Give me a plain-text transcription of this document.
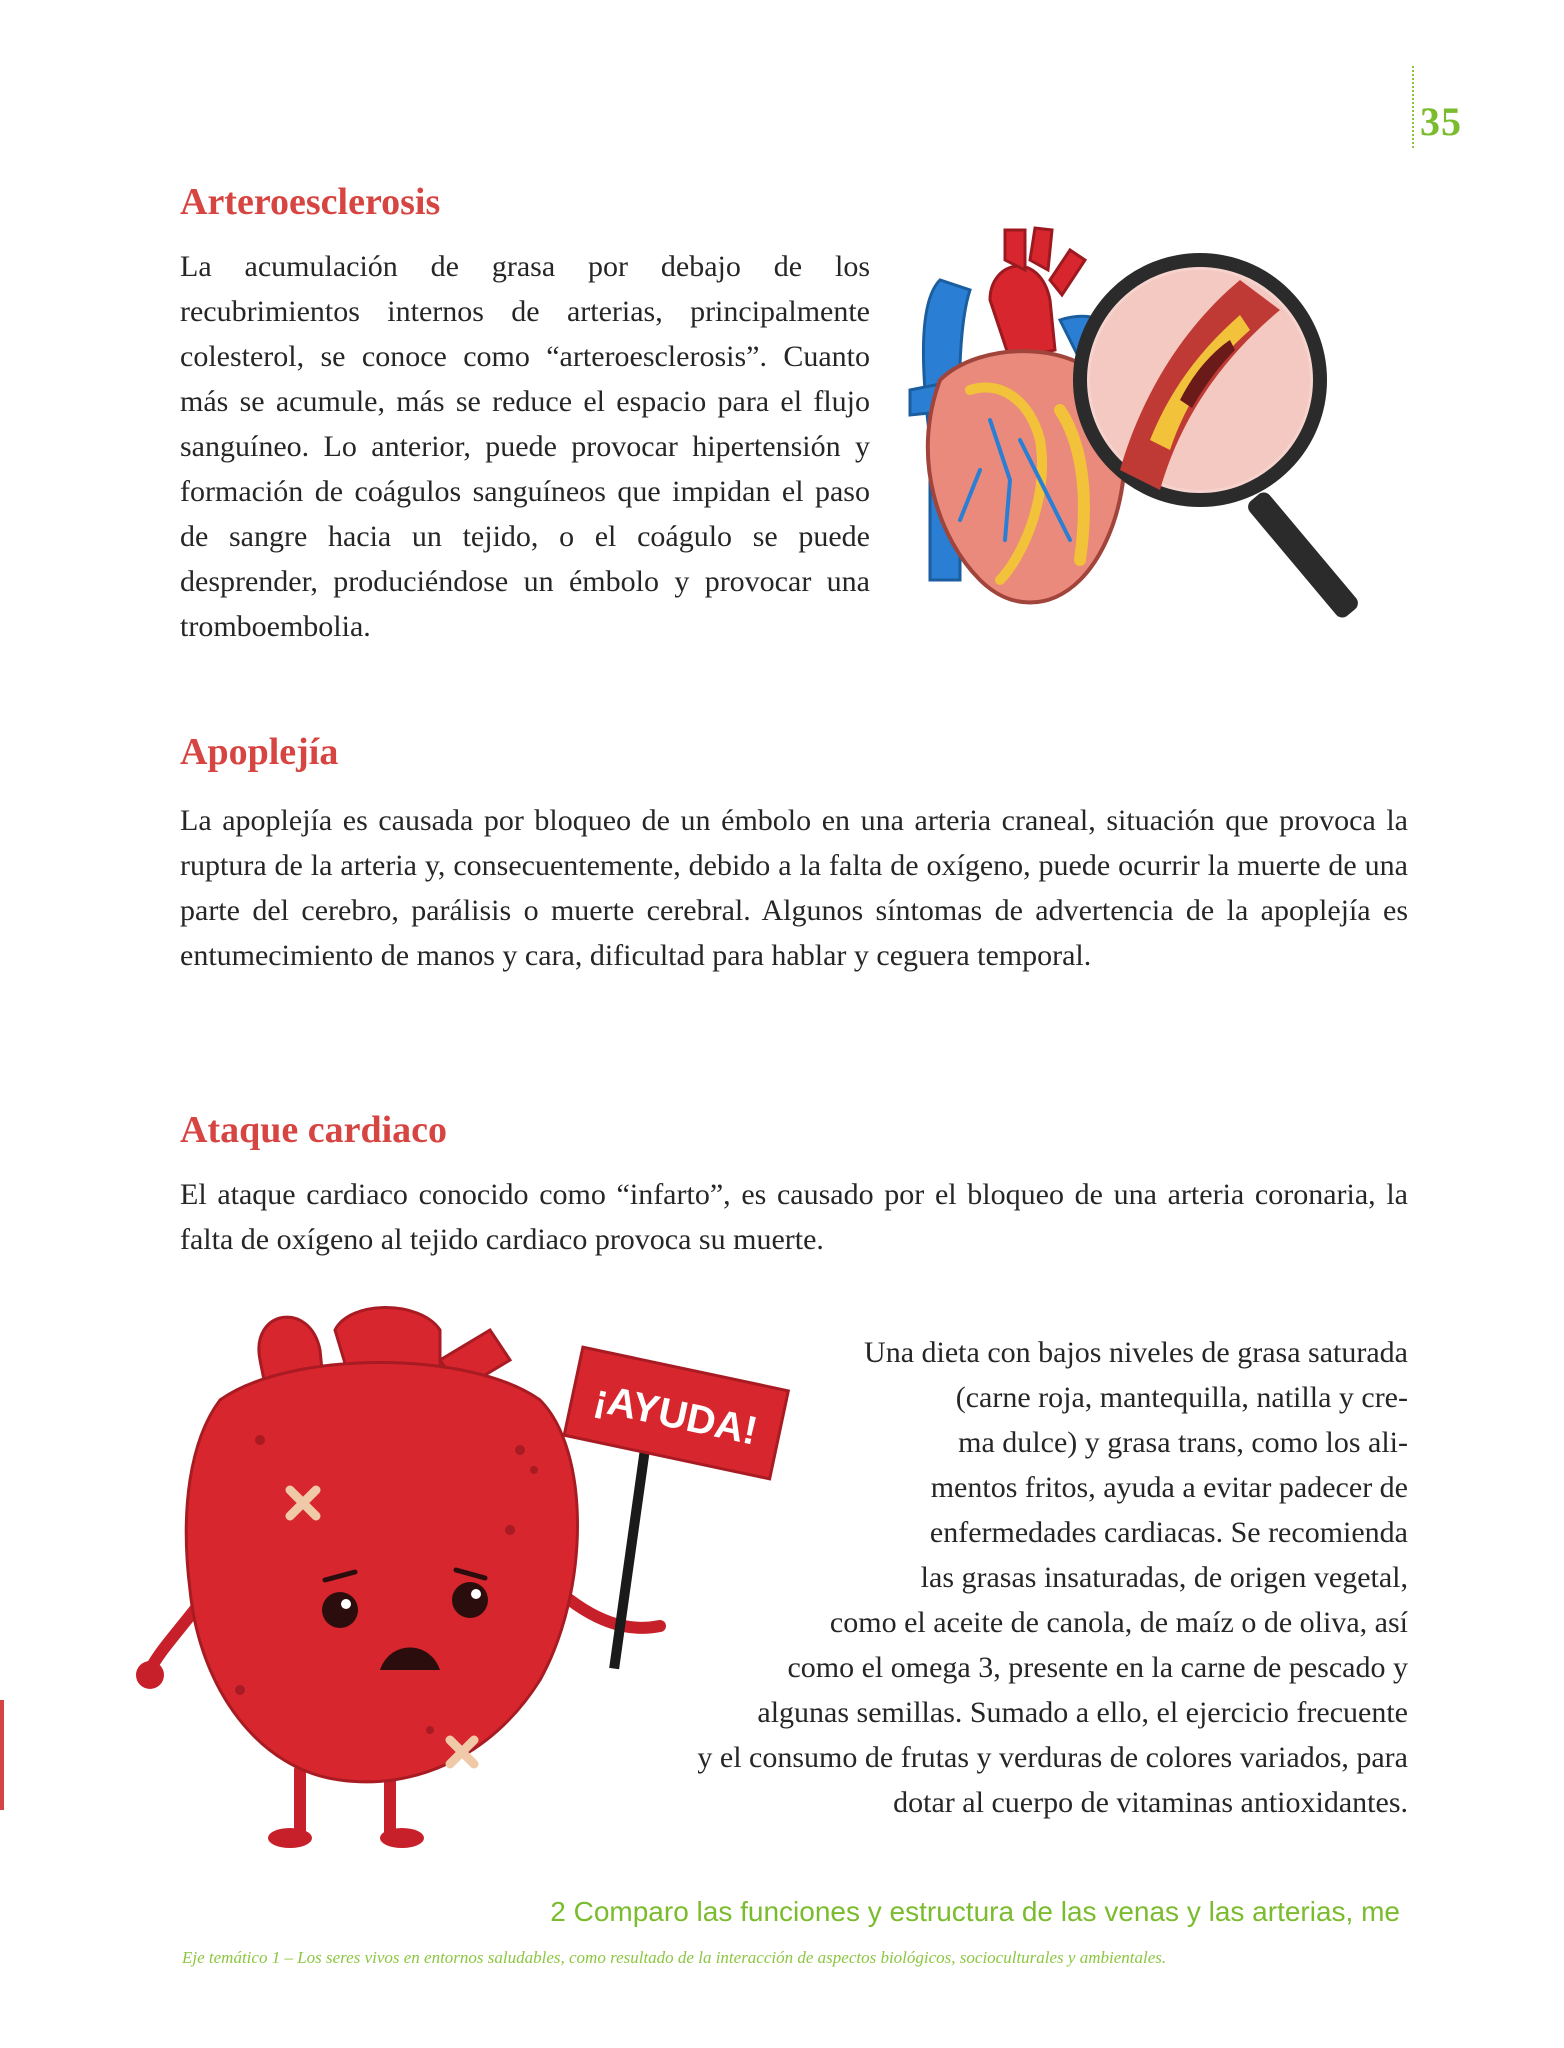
35
Arteroesclerosis

La acumulación de grasa por debajo de los recubrimientos internos de arterias, principalmente colesterol, se conoce como “arteroesclerosis”. Cuanto más se acumule, más se reduce el espacio para el flujo sanguíneo. Lo anterior, puede provocar hipertensión y formación de coágulos sanguíneos que impidan el paso de sangre hacia un tejido, o el coágulo se puede desprender, produciéndose un émbolo y provocar una tromboembolia.

Apoplejía

La apoplejía es causada por bloqueo de un émbolo en una arteria craneal, situación que provoca la ruptura de la arteria y, consecuentemente, debido a la falta de oxígeno, puede ocurrir la muerte de una parte del cerebro, parálisis o muerte cerebral. Algunos síntomas de advertencia de la apoplejía es entumecimiento de manos y cara, dificultad para hablar y ceguera temporal.

Ataque cardiaco

El ataque cardiaco conocido como “infarto”, es causado por el bloqueo de una arteria coronaria, la falta de oxígeno al tejido cardiaco provoca su muerte.

¡AYUDA!
Una dieta con bajos niveles de grasa saturada
(carne roja, mantequilla, natilla y cre-
ma dulce) y grasa trans, como los ali-
mentos fritos, ayuda a evitar padecer de
enfermedades cardiacas. Se recomienda
las grasas insaturadas, de origen vegetal,
como el aceite de canola, de maíz o de oliva, así
como el omega 3, presente en la carne de pescado y
algunas semillas. Sumado a ello, el ejercicio frecuente
y el consumo de frutas y verduras de colores variados, para
dotar al cuerpo de vitaminas antioxidantes.
2 Comparo las funciones y estructura de las venas y las arterias, me
Eje temático 1 – Los seres vivos en entornos saludables, como resultado de la interacción de aspectos biológicos, socioculturales y ambientales.
